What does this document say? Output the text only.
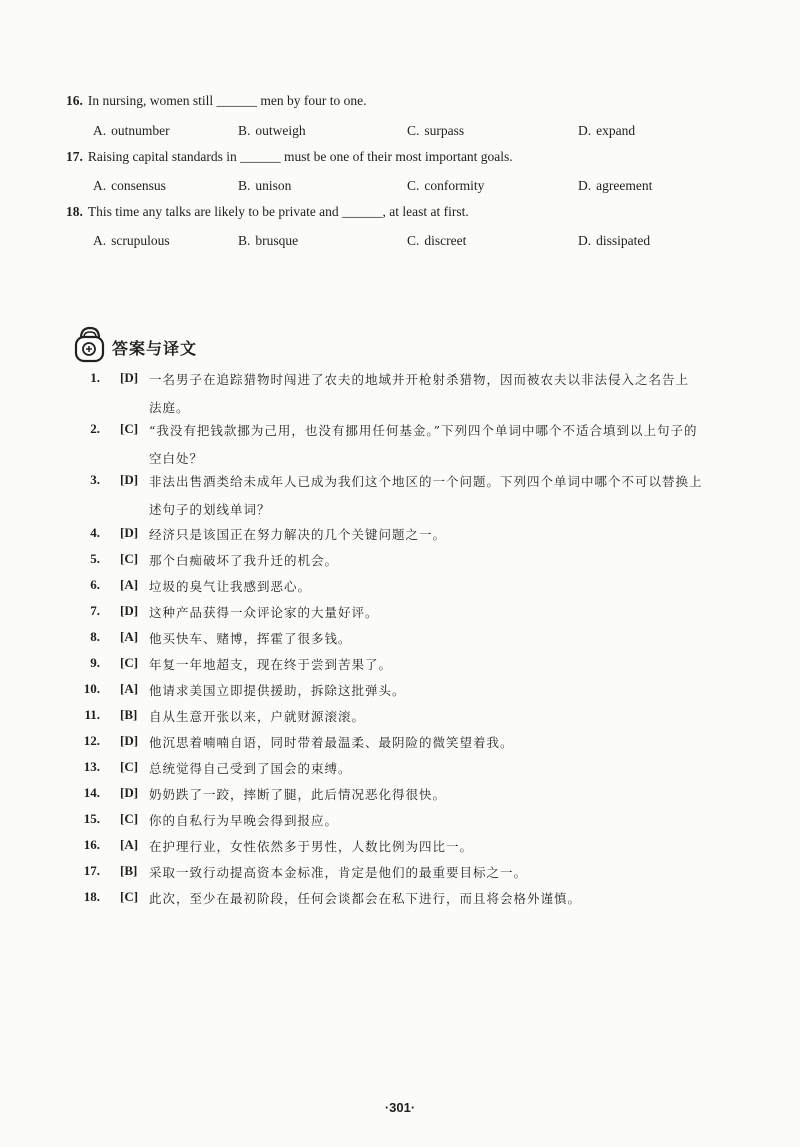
16. In nursing, women still ______ men by four to one.
A. outnumber	B. outweigh	C. surpass	D. expand
17. Raising capital standards in ______ must be one of their most important goals.
A. consensus	B. unison	C. conformity	D. agreement
18. This time any talks are likely to be private and ______, at least at first.
A. scrupulous	B. brusque	C. discreet	D. dissipated
答案与译文
1. [D] 一名男子在追踪猎物时闯进了农夫的地域并开枪射杀猎物，因而被农夫以非法侵入之名告上
法庭。
2. [C] “我没有把钱款挪为己用，也没有挪用任何基金。”下列四个单词中哪个不适合填到以上句子的
空白处？
3. [D] 非法出售酒类给未成年人已成为我们这个地区的一个问题。下列四个单词中哪个不可以替换上
述句子的划线单词？
4. [D] 经济只是该国正在努力解决的几个关键问题之一。
5. [C] 那个白痴破坏了我升迁的机会。
6. [A] 垃圾的臭气让我感到恶心。
7. [D] 这种产品获得一众评论家的大量好评。
8. [A] 他买快车、赌博，挥霍了很多钱。
9. [C] 年复一年地超支，现在终于尝到苦果了。
10. [A] 他请求美国立即提供援助，拆除这批弹头。
11. [B] 自从生意开张以来，户就财源滚滚。
12. [D] 他沉思着喃喃自语，同时带着最温柔、最阴险的微笑望着我。
13. [C] 总统觉得自己受到了国会的束缚。
14. [D] 奶奶跌了一跤，摔断了腿，此后情况恶化得很快。
15. [C] 你的自私行为早晚会得到报应。
16. [A] 在护理行业，女性依然多于男性，人数比例为四比一。
17. [B] 采取一致行动提高资本金标准，肯定是他们的最重要目标之一。
18. [C] 此次，至少在最初阶段，任何会谈都会在私下进行，而且将会格外谨慎。
·301·
